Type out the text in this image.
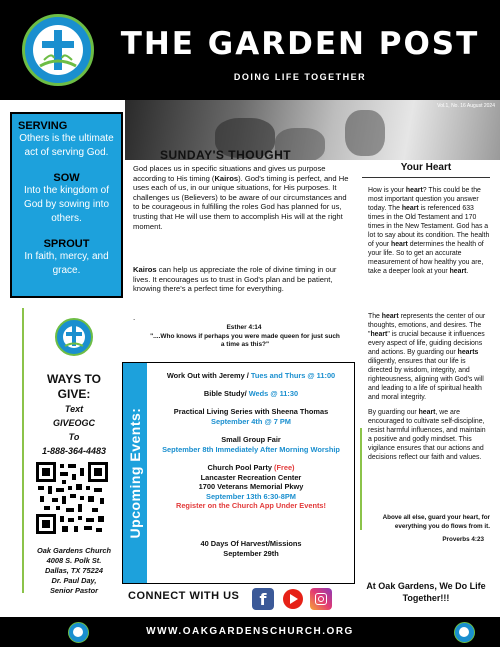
THE GARDEN POST
DOING LIFE TOGETHER
Vol.1, No. 16 August 2024
SERVING
Others is the ultimate act of serving God.
SOW
Into the kingdom of God by sowing into others.
SPROUT
In faith, mercy, and grace.
SUNDAY'S THOUGHT
God places us in specific situations and gives us purpose according to His timing (Kairos). God's timing is perfect, and He uses each of us, in our unique situations, for His purposes. It challenges us (Believers) to be aware of our circumstances and to be courageous in fulfilling the roles God has planned for us, trusting that He will use them to accomplish His will at the right moment.
Kairos can help us appreciate the role of divine timing in our lives. It encourages us to trust in God's plan and be patient, knowing there's a perfect time for everything.
.
Esther 4:14
"....Who knows if perhaps you were made queen for just such a time as this?"
Your Heart
How is your heart? This could be the most important question you answer today. The heart is referenced 633 times in the Old Testament and 170 times in the New Testament. God has a lot to say about its condition. The health of your heart determines the health of your life. So to get an accurate measurement of how healthy you are, take a deeper look at your heart.
The heart represents the center of our thoughts, emotions, and desires. The "heart" is crucial because it influences every aspect of life, guiding decisions and actions. By guarding our hearts diligently, ensures that our life is directed by wisdom, integrity, and righteousness, aligning with God's will and leading to a life of spiritual health and moral integrity.
By guarding our heart, we are encouraged to cultivate self-discipline, resist harmful influences, and maintain a positive and godly mindset. This vigilance ensures that our actions and decisions reflect our faith and values.
Above all else, guard your heart, for everything you do flows from it.
Proverbs 4:23
At Oak Gardens, We Do Life Together!!!
WAYS TO
GIVE:
Text
GIVEOGC
To
1-888-364-4483
Oak Gardens Church
4008 S. Polk St.
Dallas, TX 75224
Dr. Paul Day,
Senior Pastor
Upcoming Events:
Work Out with Jeremy / Tues and Thurs @ 11:00
Bible Study/ Weds @ 11:30
Practical Living Series with Sheena Thomas
September 4th @ 7 PM
Small Group Fair
September 8th Immediately After Morning Worship
Church Pool Party (Free)
Lancaster Recreation Center
1700 Veterans Memorial Pkwy
September 13th 6:30-8PM
Register on the Church App Under Events!
40 Days Of Harvest/Missions
September 29th
CONNECT WITH US	f
WWW.OAKGARDENSCHURCH.ORG
